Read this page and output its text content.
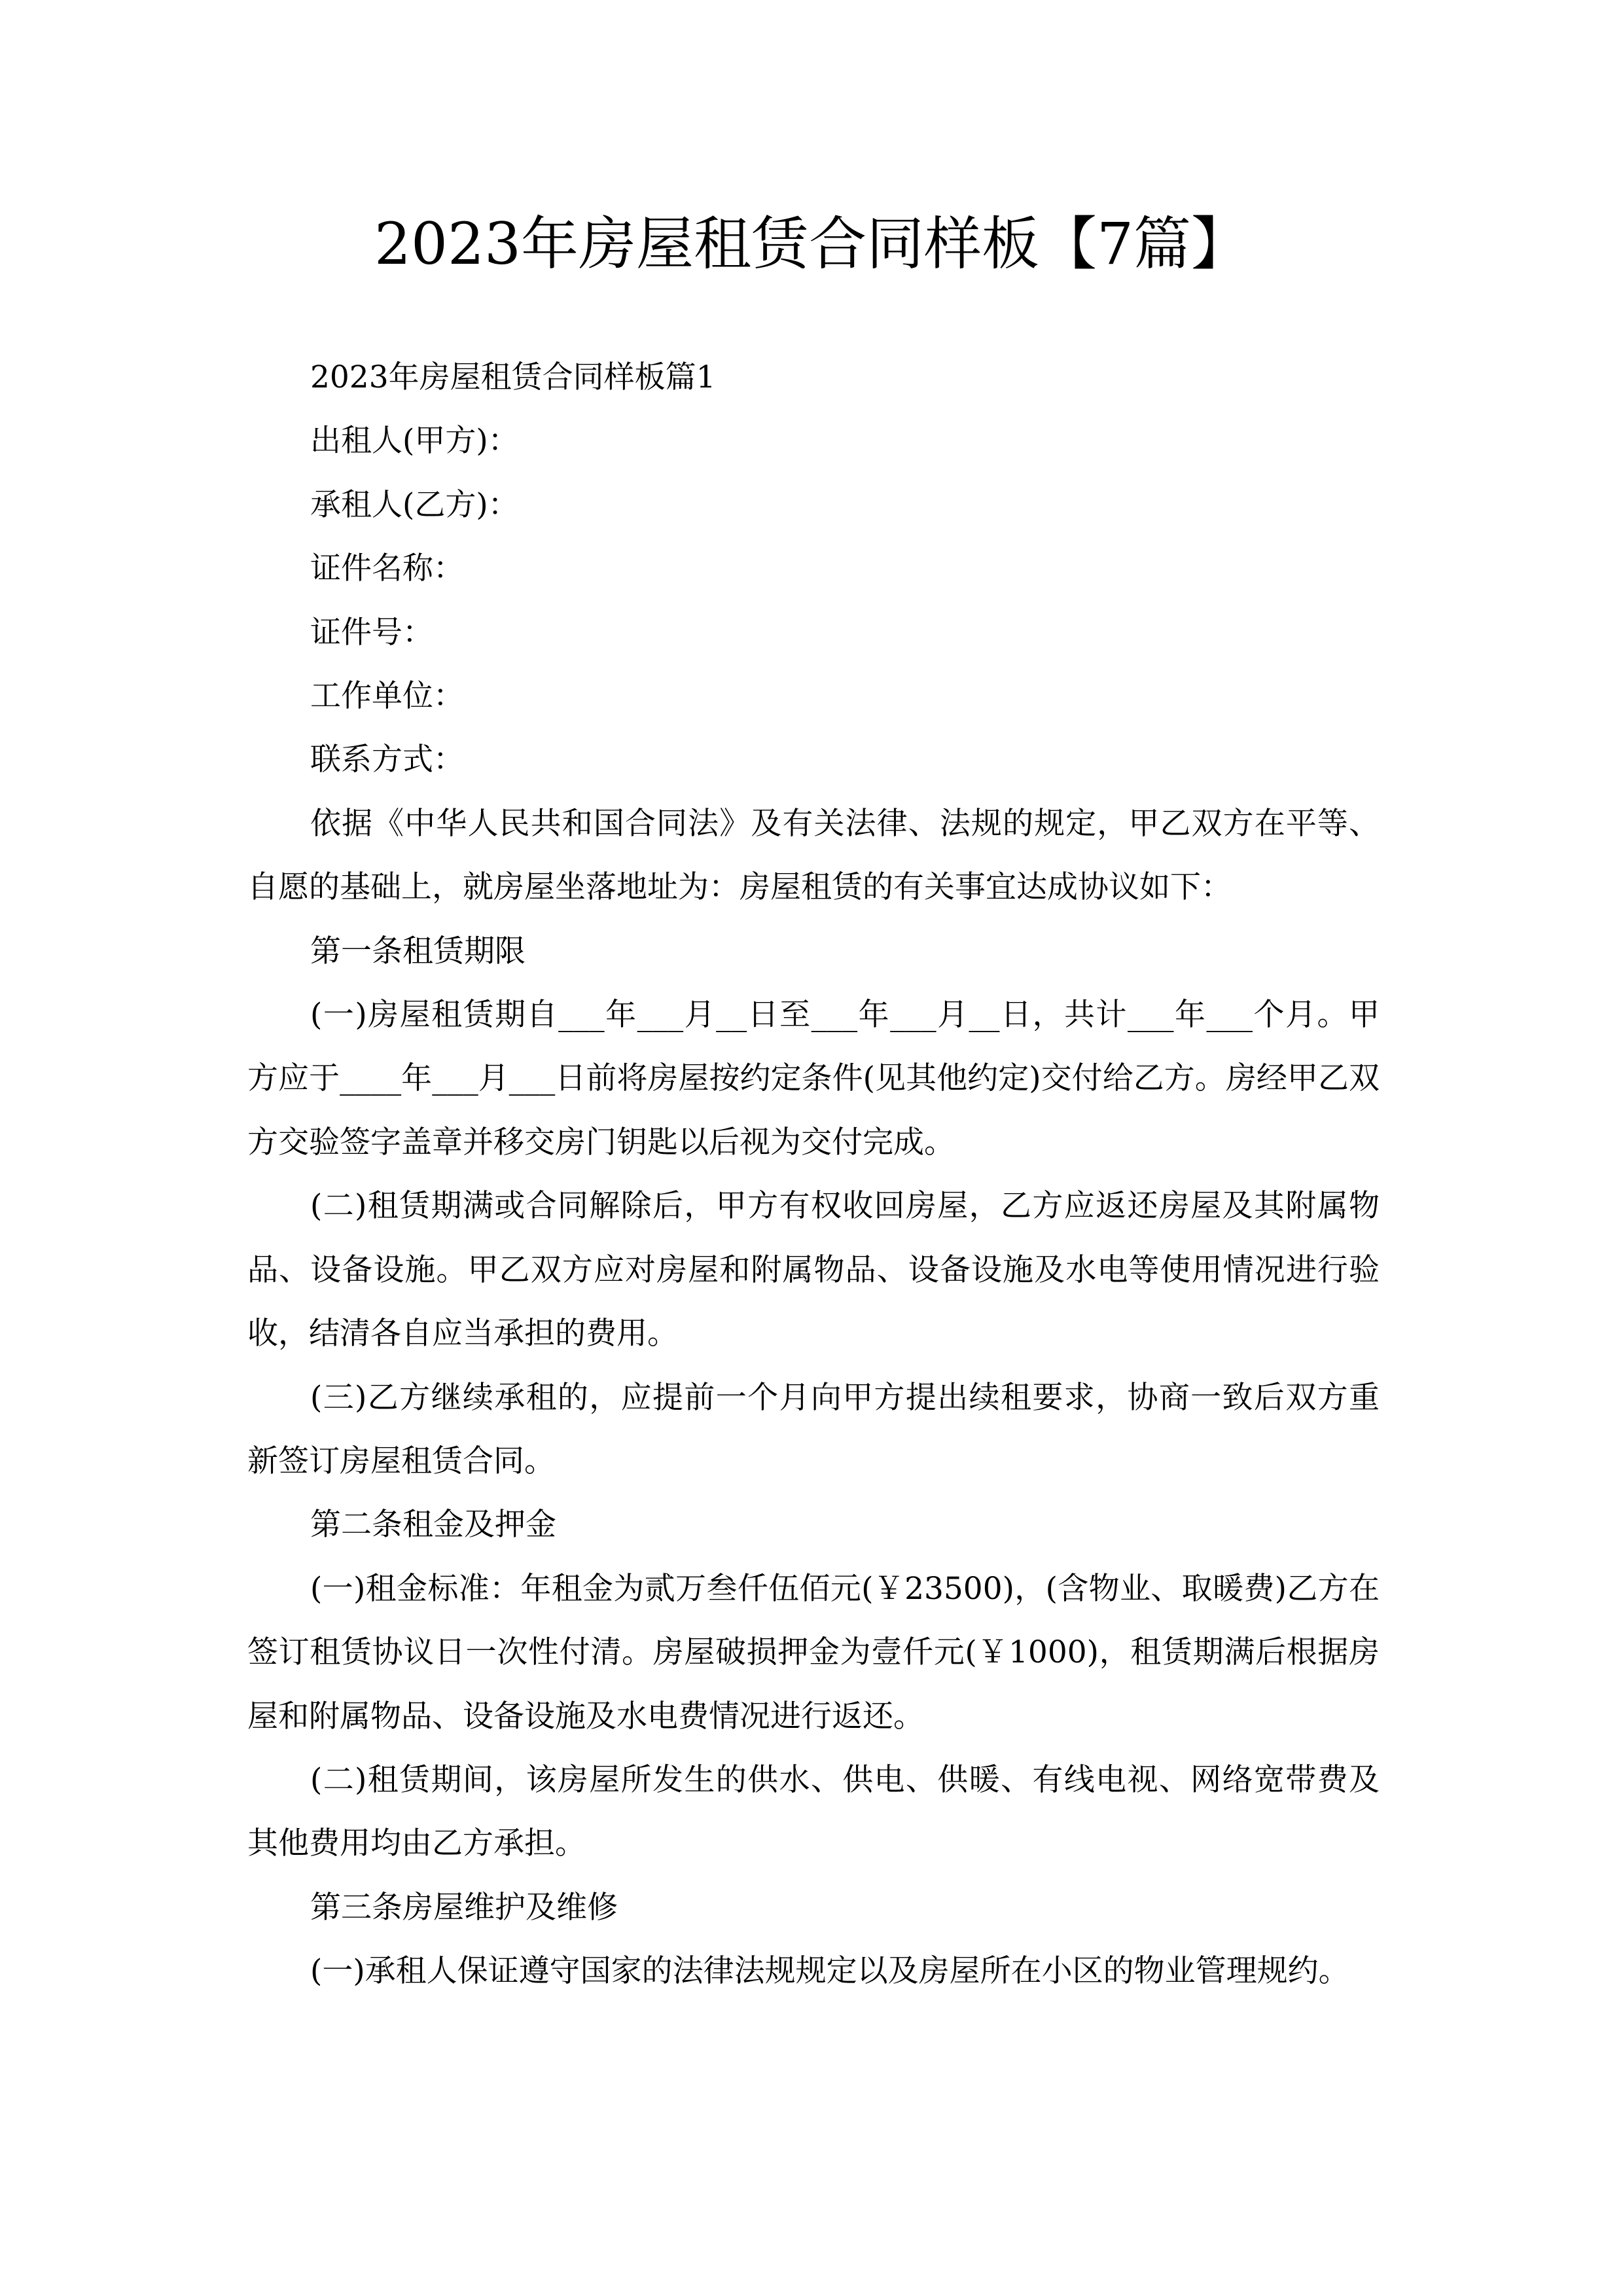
2023年房屋租赁合同样板【7篇】

2023年房屋租赁合同样板篇1

出租人(甲方)：

承租人(乙方)：

证件名称：

证件号：

工作单位：

联系方式：

依据《中华人民共和国合同法》及有关法律、法规的规定，甲乙双方在平等、自愿的基础上，就房屋坐落地址为：房屋租赁的有关事宜达成协议如下：

第一条租赁期限

(一)房屋租赁期自___年___月__日至___年___月__日，共计___年___个月。甲方应于____年___月___日前将房屋按约定条件(见其他约定)交付给乙方。房经甲乙双方交验签字盖章并移交房门钥匙以后视为交付完成。

(二)租赁期满或合同解除后，甲方有权收回房屋，乙方应返还房屋及其附属物品、设备设施。甲乙双方应对房屋和附属物品、设备设施及水电等使用情况进行验收，结清各自应当承担的费用。

(三)乙方继续承租的，应提前一个月向甲方提出续租要求，协商一致后双方重新签订房屋租赁合同。

第二条租金及押金

(一)租金标准：年租金为贰万叁仟伍佰元(￥23500)，(含物业、取暖费)乙方在签订租赁协议日一次性付清。房屋破损押金为壹仟元(￥1000)，租赁期满后根据房屋和附属物品、设备设施及水电费情况进行返还。

(二)租赁期间，该房屋所发生的供水、供电、供暖、有线电视、网络宽带费及其他费用均由乙方承担。

第三条房屋维护及维修

(一)承租人保证遵守国家的法律法规规定以及房屋所在小区的物业管理规约。
